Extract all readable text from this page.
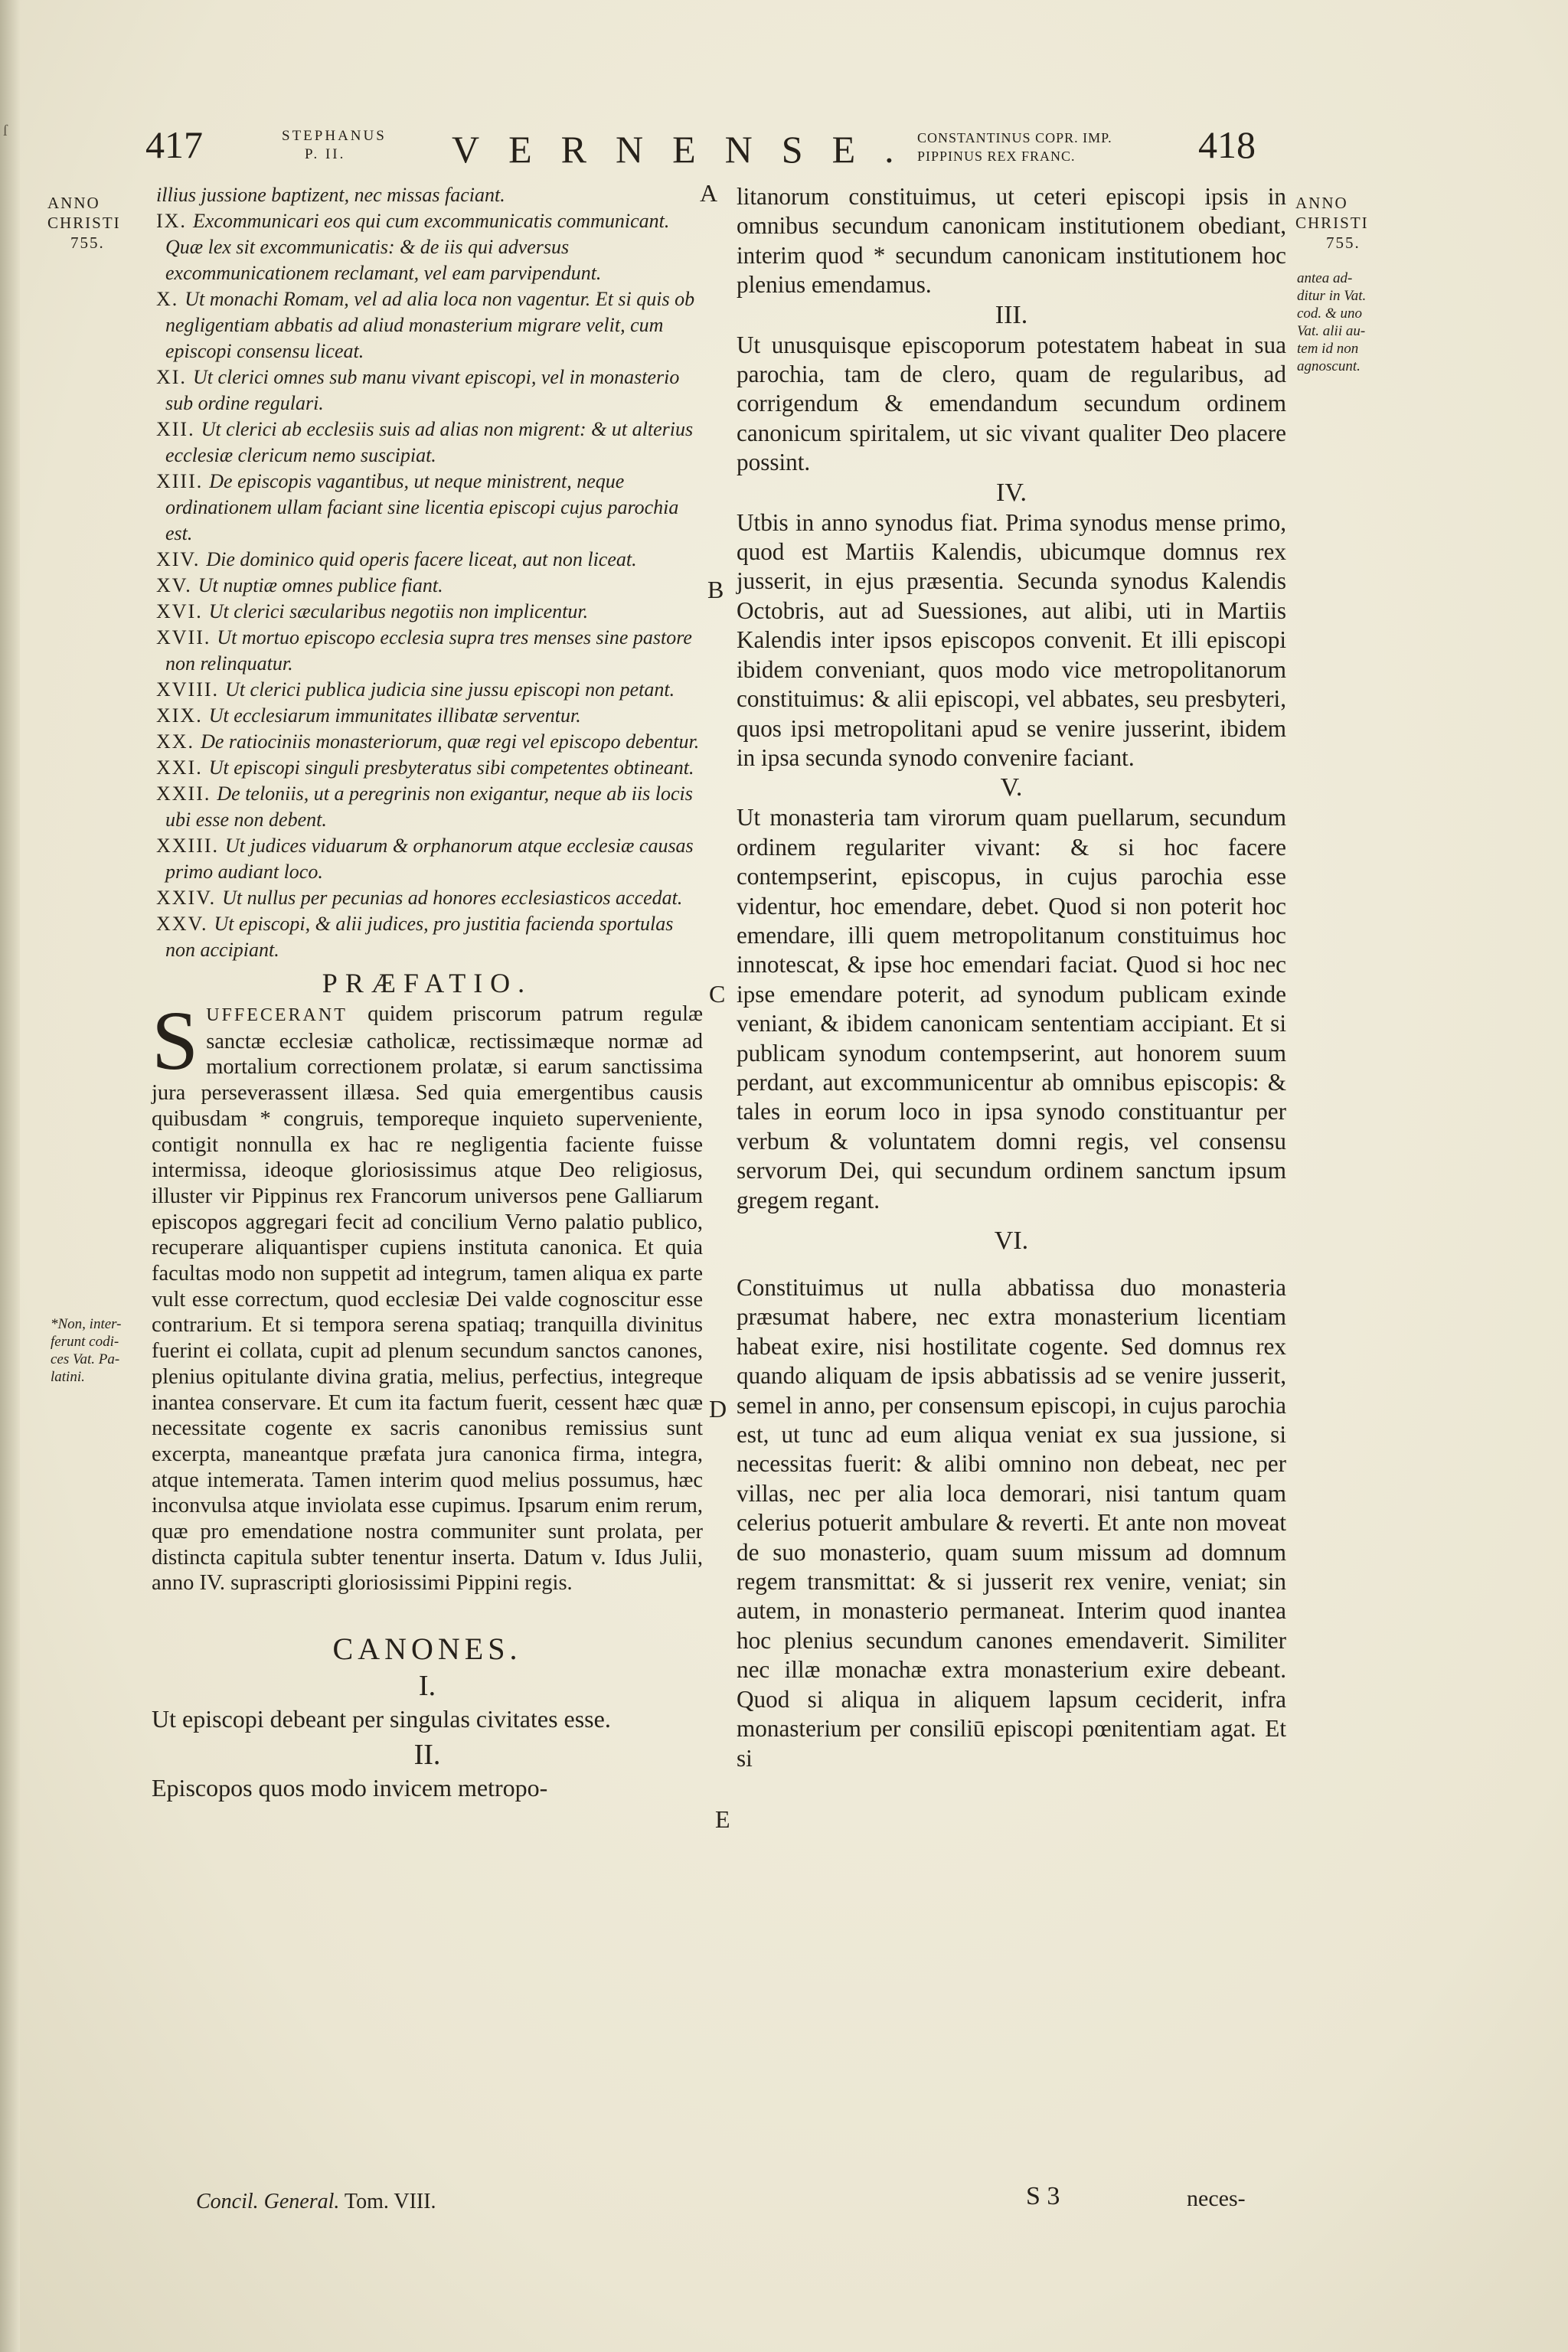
ſ	417	STEPHANUS
P. II.	VERNENSE.
CONSTANTINUS COPR. IMP.
PIPPINUS REX FRANC.	418
ANNO
CHRISTI
755.
*Non, inter-
ferunt codi-
ces Vat. Pa-
latini.
ANNO
CHRISTI
755.
antea ad-
ditur in Vat.
cod. & uno
Vat. alii au-
tem id non
agnoscunt.
A
B
C
D
E
illius jussione baptizent, nec missas faciant.
IX. Excommunicari eos qui cum excommunicatis communicant. Quæ lex sit excommunicatis: & de iis qui adversus excommunicationem reclamant, vel eam parvipendunt.
X. Ut monachi Romam, vel ad alia loca non vagentur. Et si quis ob negligentiam abbatis ad aliud monasterium migrare velit, cum episcopi consensu liceat.
XI. Ut clerici omnes sub manu vivant episcopi, vel in monasterio sub ordine regulari.
XII. Ut clerici ab ecclesiis suis ad alias non migrent: & ut alterius ecclesiæ clericum nemo suscipiat.
XIII. De episcopis vagantibus, ut neque ministrent, neque ordinationem ullam faciant sine licentia episcopi cujus parochia est.
XIV. Die dominico quid operis facere liceat, aut non liceat.
XV. Ut nuptiæ omnes publice fiant.
XVI. Ut clerici sæcularibus negotiis non implicentur.
XVII. Ut mortuo episcopo ecclesia supra tres menses sine pastore non relinquatur.
XVIII. Ut clerici publica judicia sine jussu episcopi non petant.
XIX. Ut ecclesiarum immunitates illibatæ serventur.
XX. De ratiociniis monasteriorum, quæ regi vel episcopo debentur.
XXI. Ut episcopi singuli presbyteratus sibi competentes obtineant.
XXII. De teloniis, ut a peregrinis non exigantur, neque ab iis locis ubi esse non debent.
XXIII. Ut judices viduarum & orphanorum atque ecclesiæ causas primo audiant loco.
XXIV. Ut nullus per pecunias ad honores ecclesiasticos accedat.
XXV. Ut episcopi, & alii judices, pro justitia facienda sportulas non accipiant.
PRÆFATIO.

SUFFECERANT quidem priscorum patrum regulæ sanctæ ecclesiæ catholicæ, rectissimæque normæ ad mortalium correctionem prolatæ, si earum sanctissima jura perseverassent illæsa. Sed quia emergentibus causis quibusdam * congruis, temporeque inquieto superveniente, contigit nonnulla ex hac re negligentia faciente fuisse intermissa, ideoque gloriosissimus atque Deo religiosus, illuster vir Pippinus rex Francorum universos pene Galliarum episcopos aggregari fecit ad concilium Verno palatio publico, recuperare aliquantisper cupiens instituta canonica. Et quia facultas modo non suppetit ad integrum, tamen aliqua ex parte vult esse correctum, quod ecclesiæ Dei valde cognoscitur esse contrarium. Et si tempora serena spatiaq; tranquilla divinitus fuerint ei collata, cupit ad plenum secundum sanctos canones, plenius opitulante divina gratia, melius, perfectius, integreque inantea conservare. Et cum ita factum fuerit, cessent hæc quæ necessitate cogente ex sacris canonibus remissius sunt excerpta, maneantque præfata jura canonica firma, integra, atque intemerata. Tamen interim quod melius possumus, hæc inconvulsa atque inviolata esse cupimus. Ipsarum enim rerum, quæ pro emendatione nostra communiter sunt prolata, per distincta capitula subter tenentur inserta. Datum v. Idus Julii, anno IV. suprascripti gloriosissimi Pippini regis.

CANONES.
I.

Ut episcopi debeant per singulas civitates esse.

II.

Episcopos quos modo invicem metropo-

litanorum constituimus, ut ceteri episcopi ipsis in omnibus secundum canonicam institutionem obediant, interim quod * secundum canonicam institutionem hoc plenius emendamus.

III.

Ut unusquisque episcoporum potestatem habeat in sua parochia, tam de clero, quam de regularibus, ad corrigendum & emendandum secundum ordinem canonicum spiritalem, ut sic vivant qualiter Deo placere possint.

IV.

Utbis in anno synodus fiat. Prima synodus mense primo, quod est Martiis Kalendis, ubicumque domnus rex jusserit, in ejus præsentia. Secunda synodus Kalendis Octobris, aut ad Suessiones, aut alibi, uti in Martiis Kalendis inter ipsos episcopos convenit. Et illi episcopi ibidem conveniant, quos modo vice metropolitanorum constituimus: & alii episcopi, vel abbates, seu presbyteri, quos ipsi metropolitani apud se venire jusserint, ibidem in ipsa secunda synodo convenire faciant.

V.

Ut monasteria tam virorum quam puellarum, secundum ordinem regulariter vivant: & si hoc facere contempserint, episcopus, in cujus parochia esse videntur, hoc emendare, debet. Quod si non poterit hoc emendare, illi quem metropolitanum constituimus hoc innotescat, & ipse hoc emendari faciat. Quod si hoc nec ipse emendare poterit, ad synodum publicam exinde veniant, & ibidem canonicam sententiam accipiant. Et si publicam synodum contempserint, aut honorem suum perdant, aut excommunicentur ab omnibus episcopis: & tales in eorum loco in ipsa synodo constituantur per verbum & voluntatem domni regis, vel consensu servorum Dei, qui secundum ordinem sanctum ipsum gregem regant.

VI.

Constituimus ut nulla abbatissa duo monasteria præsumat habere, nec extra monasterium licentiam habeat exire, nisi hostilitate cogente. Sed domnus rex quando aliquam de ipsis abbatissis ad se venire jusserit, semel in anno, per consensum episcopi, in cujus parochia est, ut tunc ad eum aliqua veniat ex sua jussione, si necessitas fuerit: & alibi omnino non debeat, nec per villas, nec per alia loca demorari, nisi tantum quam celerius potuerit ambulare & reverti. Et ante non moveat de suo monasterio, quam suum missum ad domnum regem transmittat: & si jusserit rex venire, veniat; sin autem, in monasterio permaneat. Interim quod inantea hoc plenius secundum canones emendaverit. Similiter nec illæ monachæ extra monasterium exire debeant. Quod si aliqua in aliquem lapsum ceciderit, infra monasterium per consiliū episcopi pœnitentiam agat. Et si

Concil. General. Tom. VIII.	S 3	neces-
